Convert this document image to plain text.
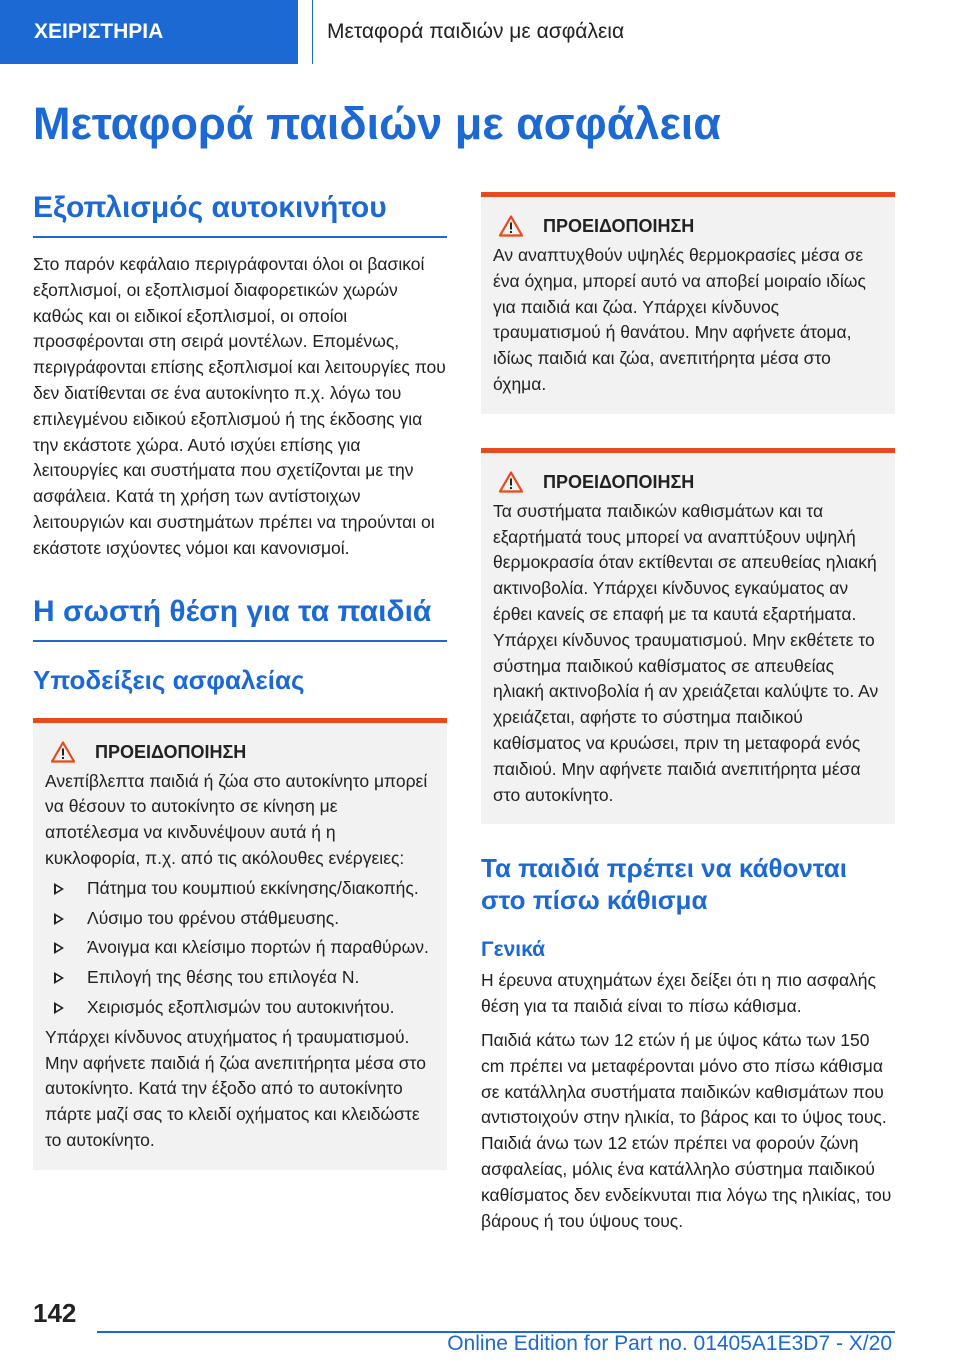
ΧΕΙΡΙΣΤΗΡΙΑ	Μεταφορά παιδιών με ασφάλεια
Μεταφορά παιδιών με ασφάλεια
Εξοπλισμός αυτοκινήτου

Στο παρόν κεφάλαιο περιγράφονται όλοι οι βασικοί εξοπλισμοί, οι εξοπλισμοί διαφορετικών χωρών καθώς και οι ειδικοί εξοπλισμοί, οι οποίοι προσφέρονται στη σειρά μοντέλων. Επομένως, περιγράφονται επίσης εξοπλισμοί και λειτουργίες που δεν διατίθενται σε ένα αυτοκίνητο π.χ. λόγω του επιλεγμένου ειδικού εξοπλισμού ή της έκδοσης για την εκάστοτε χώρα. Αυτό ισχύει επίσης για λειτουργίες και συστήματα που σχετίζονται με την ασφάλεια. Κατά τη χρήση των αντίστοιχων λειτουργιών και συστημάτων πρέπει να τηρούνται οι εκάστοτε ισχύοντες νόμοι και κανονισμοί.

Η σωστή θέση για τα παιδιά
Υποδείξεις ασφαλείας
ΠΡΟΕΙΔΟΠΟΙΗΣΗ

Ανεπίβλεπτα παιδιά ή ζώα στο αυτοκίνητο μπορεί να θέσουν το αυτοκίνητο σε κίνηση με αποτέλεσμα να κινδυνέψουν αυτά ή η κυκλοφορία, π.χ. από τις ακόλουθες ενέργειες:

Πάτημα του κουμπιού εκκίνησης/διακοπής.
Λύσιμο του φρένου στάθμευσης.
Άνοιγμα και κλείσιμο πορτών ή παραθύρων.
Επιλογή της θέσης του επιλογέα N.
Χειρισμός εξοπλισμών του αυτοκινήτου.

Υπάρχει κίνδυνος ατυχήματος ή τραυματισμού. Μην αφήνετε παιδιά ή ζώα ανεπιτήρητα μέσα στο αυτοκίνητο. Κατά την έξοδο από το αυτοκίνητο πάρτε μαζί σας το κλειδί οχήματος και κλειδώστε το αυτοκίνητο.

ΠΡΟΕΙΔΟΠΟΙΗΣΗ

Αν αναπτυχθούν υψηλές θερμοκρασίες μέσα σε ένα όχημα, μπορεί αυτό να αποβεί μοιραίο ιδίως για παιδιά και ζώα. Υπάρχει κίνδυνος τραυματισμού ή θανάτου. Μην αφήνετε άτομα, ιδίως παιδιά και ζώα, ανεπιτήρητα μέσα στο όχημα.

ΠΡΟΕΙΔΟΠΟΙΗΣΗ

Τα συστήματα παιδικών καθισμάτων και τα εξαρτήματά τους μπορεί να αναπτύξουν υψηλή θερμοκρασία όταν εκτίθενται σε απευθείας ηλιακή ακτινοβολία. Υπάρχει κίνδυνος εγκαύματος αν έρθει κανείς σε επαφή με τα καυτά εξαρτήματα. Υπάρχει κίνδυνος τραυματισμού. Μην εκθέτετε το σύστημα παιδικού καθίσματος σε απευθείας ηλιακή ακτινοβολία ή αν χρειάζεται καλύψτε το. Αν χρειάζεται, αφήστε το σύστημα παιδικού καθίσματος να κρυώσει, πριν τη μεταφορά ενός παιδιού. Μην αφήνετε παιδιά ανεπιτήρητα μέσα στο αυτοκίνητο.

Τα παιδιά πρέπει να κάθονται στο πίσω κάθισμα
Γενικά

Η έρευνα ατυχημάτων έχει δείξει ότι η πιο ασφαλής θέση για τα παιδιά είναι το πίσω κάθισμα.

Παιδιά κάτω των 12 ετών ή με ύψος κάτω των 150 cm πρέπει να μεταφέρονται μόνο στο πίσω κάθισμα σε κατάλληλα συστήματα παιδικών καθισμάτων που αντιστοιχούν στην ηλικία, το βάρος και το ύψος τους. Παιδιά άνω των 12 ετών πρέπει να φορούν ζώνη ασφαλείας, μόλις ένα κατάλληλο σύστημα παιδικού καθίσματος δεν ενδείκνυται πια λόγω της ηλικίας, του βάρους ή του ύψους τους.

142
Online Edition for Part no. 01405A1E3D7 - X/20
